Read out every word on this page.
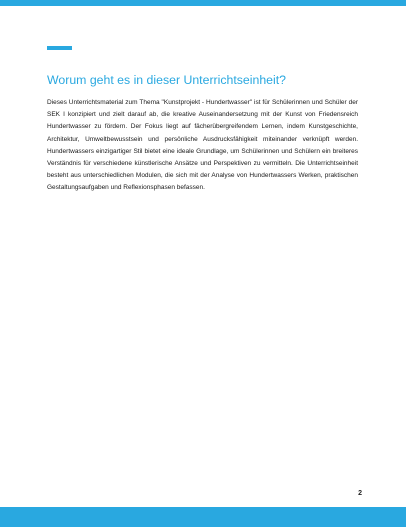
Worum geht es in dieser Unterrichtseinheit?

Dieses Unterrichtsmaterial zum Thema "Kunstprojekt - Hundertwasser" ist für Schülerinnen und Schüler der SEK I konzipiert und zielt darauf ab, die kreative Auseinandersetzung mit der Kunst von Friedensreich Hundertwasser zu fördern. Der Fokus liegt auf fächerübergreifendem Lernen, indem Kunstgeschichte, Architektur, Umweltbewusstsein und persönliche Ausdrucksfähigkeit miteinander verknüpft werden. Hundertwassers einzigartiger Stil bietet eine ideale Grundlage, um Schülerinnen und Schülern ein breiteres Verständnis für verschiedene künstlerische Ansätze und Perspektiven zu vermitteln. Die Unterrichtseinheit besteht aus unterschiedlichen Modulen, die sich mit der Analyse von Hundertwassers Werken, praktischen Gestaltungsaufgaben und Reflexionsphasen befassen.

2
